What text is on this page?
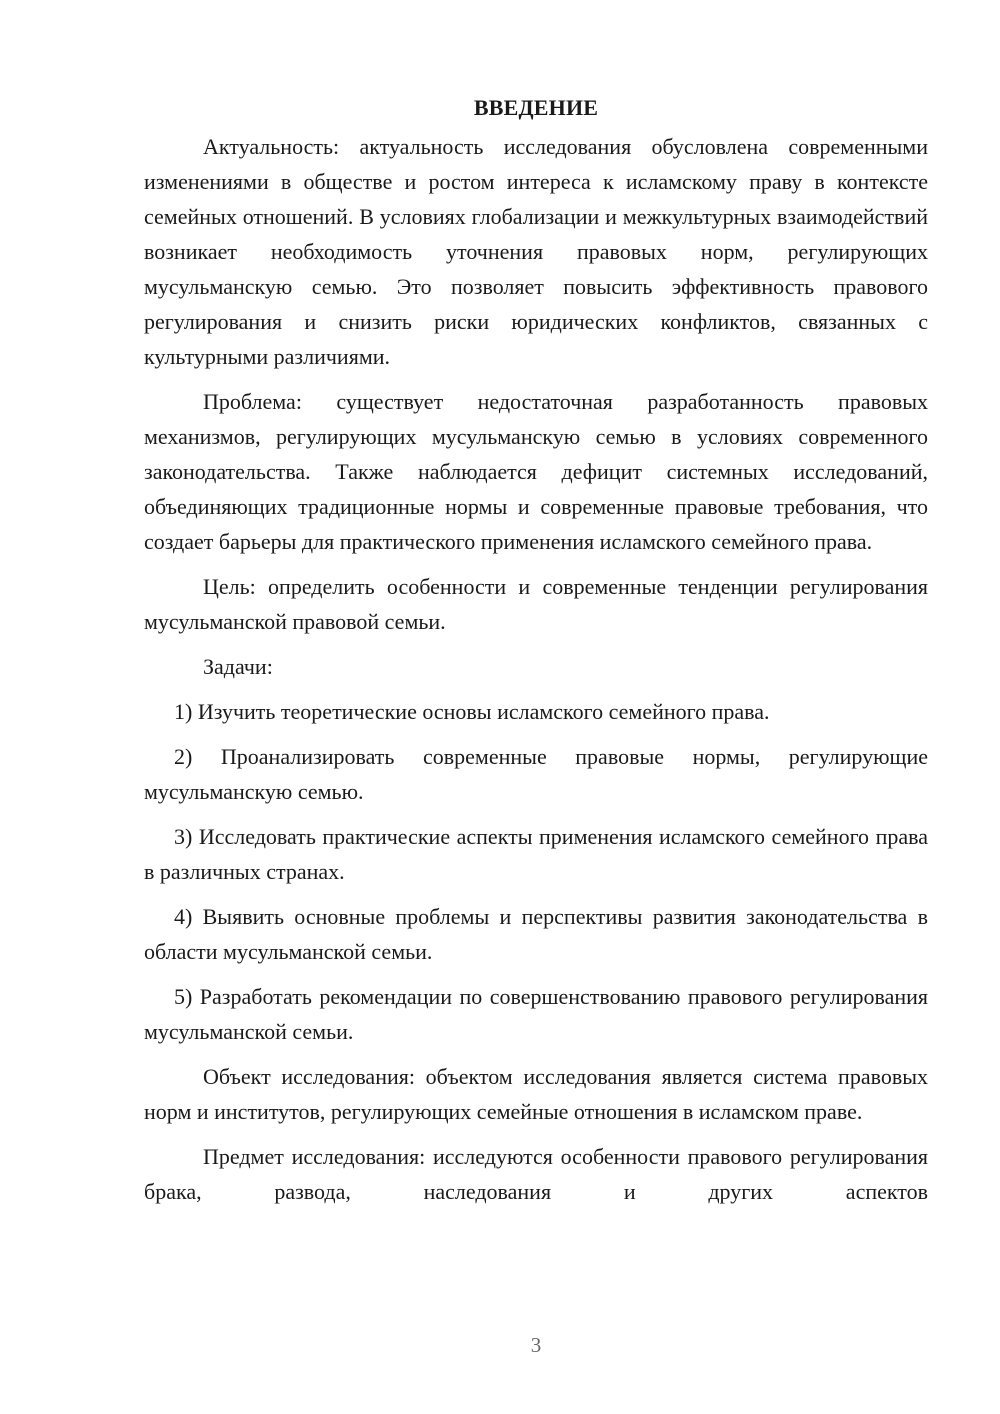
ВВЕДЕНИЕ

Актуальность: актуальность исследования обусловлена современными изменениями в обществе и ростом интереса к исламскому праву в контексте семейных отношений. В условиях глобализации и межкультурных взаимодействий возникает необходимость уточнения правовых норм, регулирующих мусульманскую семью. Это позволяет повысить эффективность правового регулирования и снизить риски юридических конфликтов, связанных с культурными различиями.

Проблема: существует недостаточная разработанность правовых механизмов, регулирующих мусульманскую семью в условиях современного законодательства. Также наблюдается дефицит системных исследований, объединяющих традиционные нормы и современные правовые требования, что создает барьеры для практического применения исламского семейного права.

Цель: определить особенности и современные тенденции регулирования мусульманской правовой семьи.

Задачи:

1) Изучить теоретические основы исламского семейного права.

2) Проанализировать современные правовые нормы, регулирующие мусульманскую семью.

3) Исследовать практические аспекты применения исламского семейного права в различных странах.

4) Выявить основные проблемы и перспективы развития законодательства в области мусульманской семьи.

5) Разработать рекомендации по совершенствованию правового регулирования мусульманской семьи.

Объект исследования: объектом исследования является система правовых норм и институтов, регулирующих семейные отношения в исламском праве.

Предмет исследования: исследуются особенности правового регулирования брака, развода, наследования и других аспектов

3
